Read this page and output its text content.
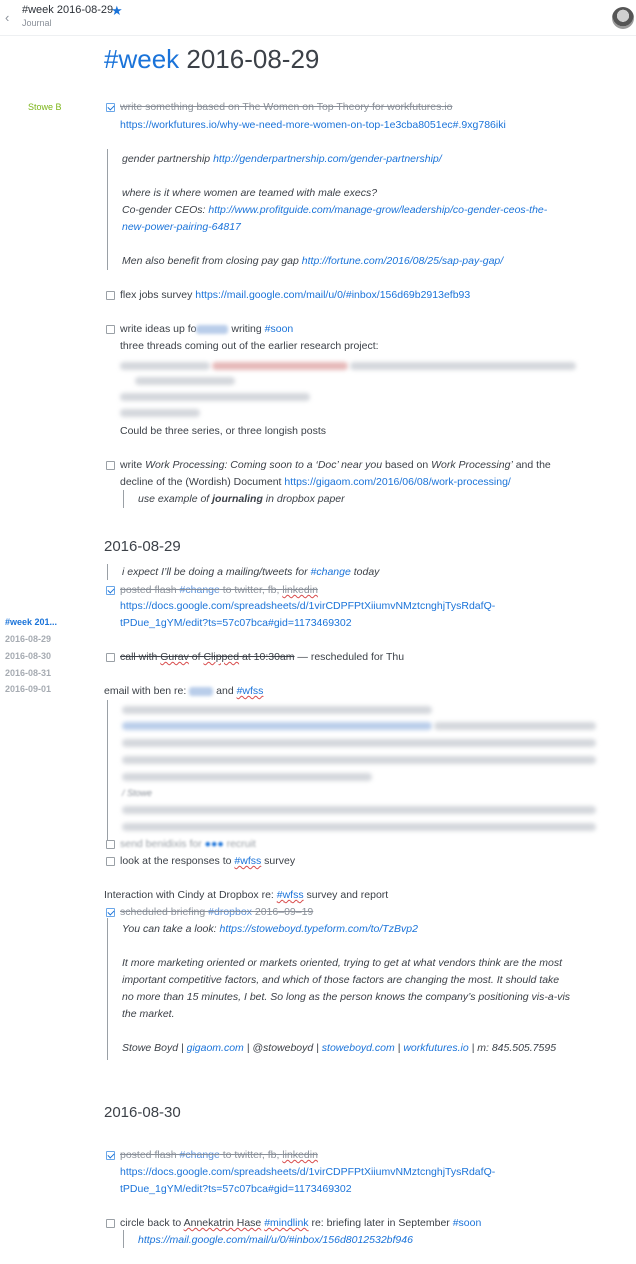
‹ #week 2016-08-29
★
Journal
#week 2016-08-29
Stowe B
#week 201...
2016-08-29
2016-08-30
2016-08-31
2016-09-01
write something based on The Women on Top Theory for workfutures.io
https://workfutures.io/why-we-need-more-women-on-top-1e3cba8051ec#.9xg786iki
gender partnership http://genderpartnership.com/gender-partnership/
where is it where women are teamed with male execs?
Co-gender CEOs: http://www.profitguide.com/manage-grow/leadership/co-gender-ceos-the-
new-power-pairing-64817
Men also benefit from closing pay gap http://fortune.com/2016/08/25/sap-pay-gap/
flex jobs survey https://mail.google.com/mail/u/0/#inbox/156d69b2913efb93
write ideas up fo	writing #soon
three threads coming out of the earlier research project:
Could be three series, or three longish posts
write Work Processing: Coming soon to a ‘Doc’ near you based on Work Processing’ and the
decline of the (Wordish) Document https://gigaom.com/2016/06/08/work-processing/
use example of journaling in dropbox paper
2016-08-29
i expect I’ll be doing a mailing/tweets for #change today
posted flash #change to twitter, fb, linkedin
https://docs.google.com/spreadsheets/d/1virCDPFPtXiiumvNMztcnghjTysRdafQ-
tPDue_1gYM/edit?ts=57c07bca#gid=1173469302
call with Gurav of Clipped at 10:30am — rescheduled for Thu
email with ben re:  and #wfss
/ Stowe
send benidixis for ●●● recruit
look at the responses to #wfss survey
Interaction with Cindy at Dropbox re: #wfss survey and report
scheduled briefing #dropbox 2016–09–19
You can take a look: https://stoweboyd.typeform.com/to/TzBvp2
It more marketing oriented or markets oriented, trying to get at what vendors think are the most
important competitive factors, and which of those factors are changing the most. It should take
no more than 15 minutes, I bet. So long as the person knows the company’s positioning vis-a-vis
the market.
Stowe Boyd | gigaom.com | @stoweboyd | stoweboyd.com | workfutures.io | m: 845.505.7595
2016-08-30
posted flash #change to twitter, fb, linkedin
https://docs.google.com/spreadsheets/d/1virCDPFPtXiiumvNMztcnghjTysRdafQ-
tPDue_1gYM/edit?ts=57c07bca#gid=1173469302
circle back to Annekatrin Hase #mindlink re: briefing later in September #soon
https://mail.google.com/mail/u/0/#inbox/156d8012532bf946
